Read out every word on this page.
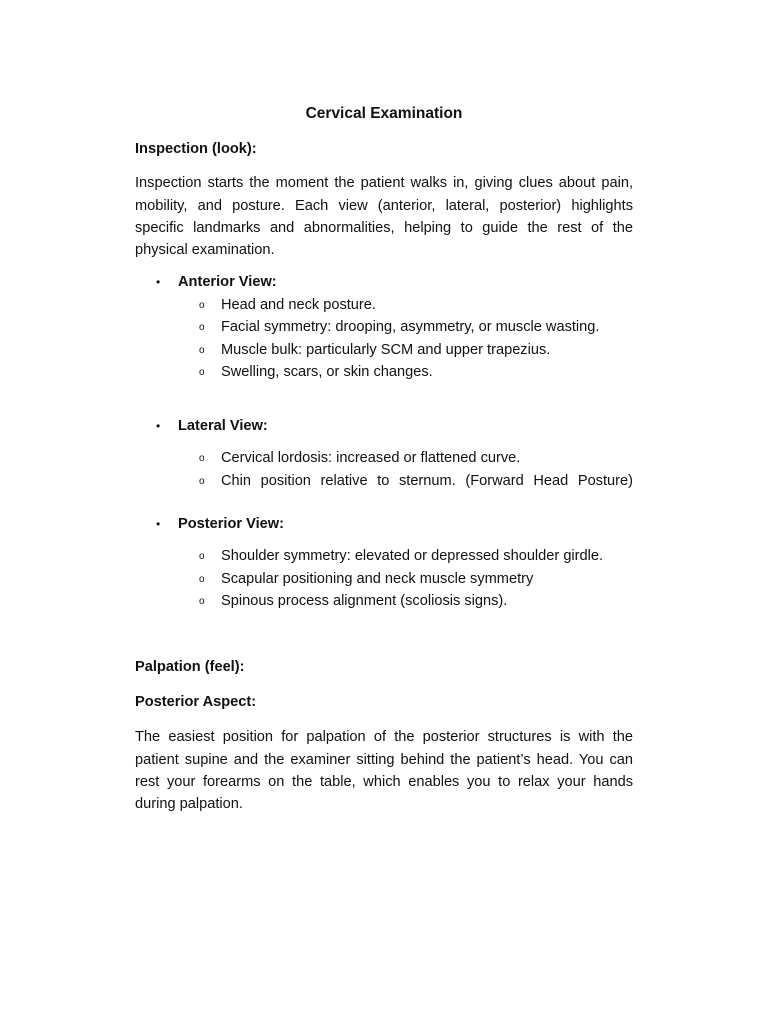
Cervical Examination
Inspection (look):

Inspection starts the moment the patient walks in, giving clues about pain, mobility, and posture. Each view (anterior, lateral, posterior) highlights specific landmarks and abnormalities, helping to guide the rest of the physical examination.

• Anterior View:
o Head and neck posture.
o Facial symmetry: drooping, asymmetry, or muscle wasting.
o Muscle bulk: particularly SCM and upper trapezius.
o Swelling, scars, or skin changes.
• Lateral View:
o Cervical lordosis: increased or flattened curve.
o Chin position relative to sternum. (Forward Head Posture)
• Posterior View:
o Shoulder symmetry: elevated or depressed shoulder girdle.
o Scapular positioning and neck muscle symmetry
o Spinous process alignment (scoliosis signs).
Palpation (feel):
Posterior Aspect:

The easiest position for palpation of the posterior structures is with the patient supine and the examiner sitting behind the patient’s head. You can rest your forearms on the table, which enables you to relax your hands during palpation.
